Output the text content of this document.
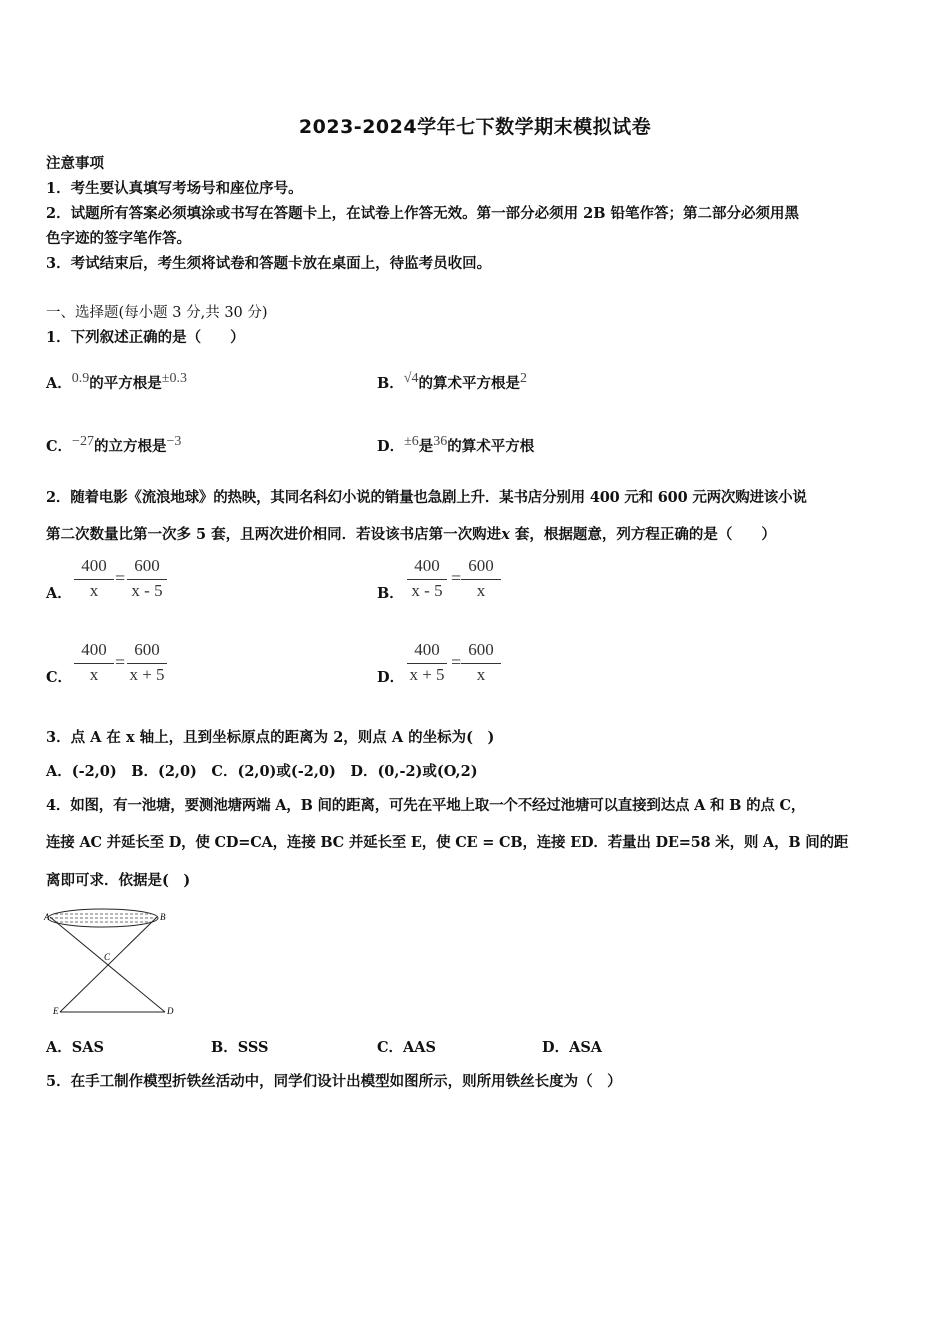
2023-2024学年七下数学期末模拟试卷
注意事项
1．考生要认真填写考场号和座位序号。
2．试题所有答案必须填涂或书写在答题卡上，在试卷上作答无效。第一部分必须用 2B 铅笔作答；第二部分必须用黑
色字迹的签字笔作答。
3．考试结束后，考生须将试卷和答题卡放在桌面上，待监考员收回。
一、选择题(每小题 3 分,共 30 分)
1．下列叙述正确的是（　　）
A．0.9的平方根是±0.3	B．√4的算术平方根是2
C．−27的立方根是−3	D．±6是36的算术平方根
2．随着电影《流浪地球》的热映，其同名科幻小说的销量也急剧上升．某书店分别用 400 元和 600 元两次购进该小说
第二次数量比第一次多 5 套，且两次进价相同．若设该书店第一次购进x 套，根据题意，列方程正确的是（　　）
A．
400
x
=
600
x - 5	B．
400
x - 5
=
600
x
C．
400
x
=
600
x + 5	D．
400
x + 5
=
600
x
3．点 A 在 x 轴上，且到坐标原点的距离为 2，则点 A 的坐标为(　)
A．(-2,0)　B．(2,0)　C．(2,0)或(-2,0)　D．(0,-2)或(O,2)
4．如图，有一池塘，要测池塘两端 A，B 间的距离，可先在平地上取一个不经过池塘可以直接到达点 A 和 B 的点 C，
连接 AC 并延长至 D，使 CD=CA，连接 BC 并延长至 E，使 CE = CB，连接 ED．若量出 DE=58 米，则 A，B 间的距
离即可求．依据是(　)
A	B
C
E	D
A．SAS	B．SSS	C．AAS	D．ASA
5．在手工制作模型折铁丝活动中，同学们设计出模型如图所示，则所用铁丝长度为（　）
